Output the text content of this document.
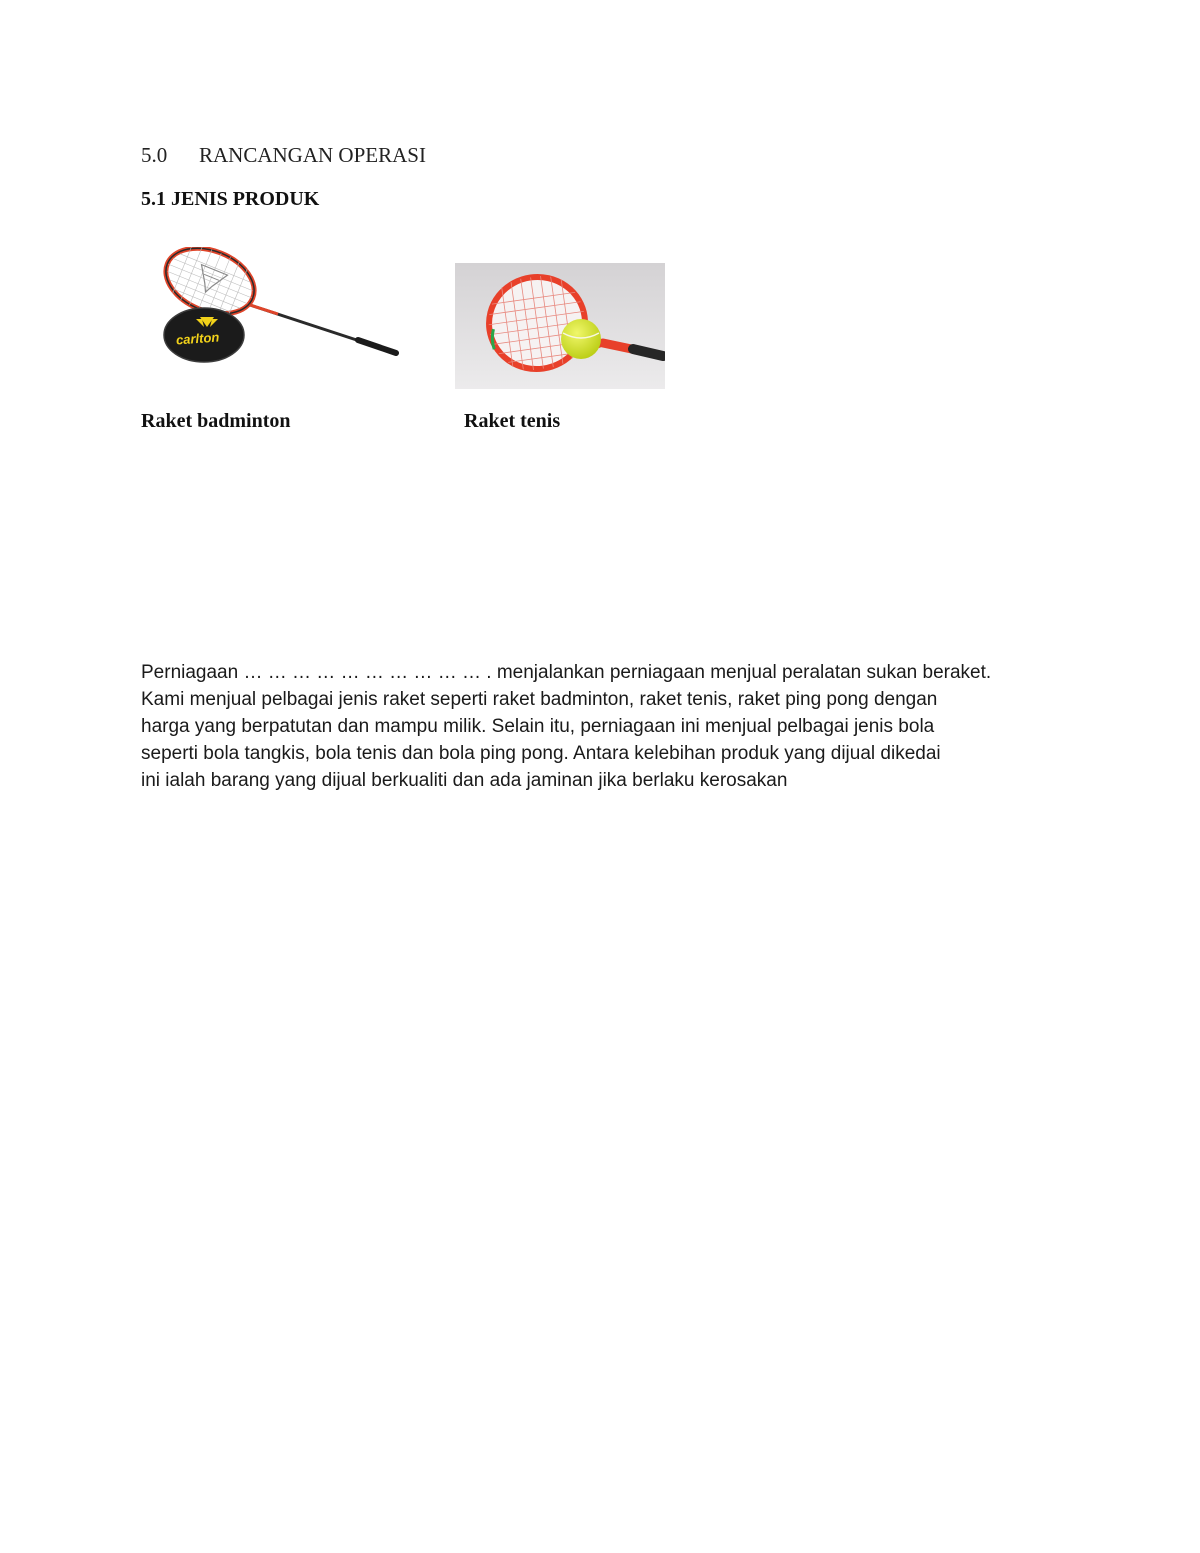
5.0 RANCANGAN OPERASI
5.1 JENIS PRODUK
carlton
Raket badminton	Raket tenis
Perniagaan … … … … … … … … … … . menjalankan perniagaan menjual peralatan sukan beraket.
Kami menjual pelbagai jenis raket seperti raket badminton, raket tenis, raket ping pong dengan
harga yang berpatutan dan mampu milik. Selain itu, perniagaan ini menjual pelbagai jenis bola
seperti bola tangkis, bola tenis dan bola ping pong. Antara kelebihan produk yang dijual dikedai
ini ialah barang yang dijual berkualiti dan ada jaminan jika berlaku kerosakan
